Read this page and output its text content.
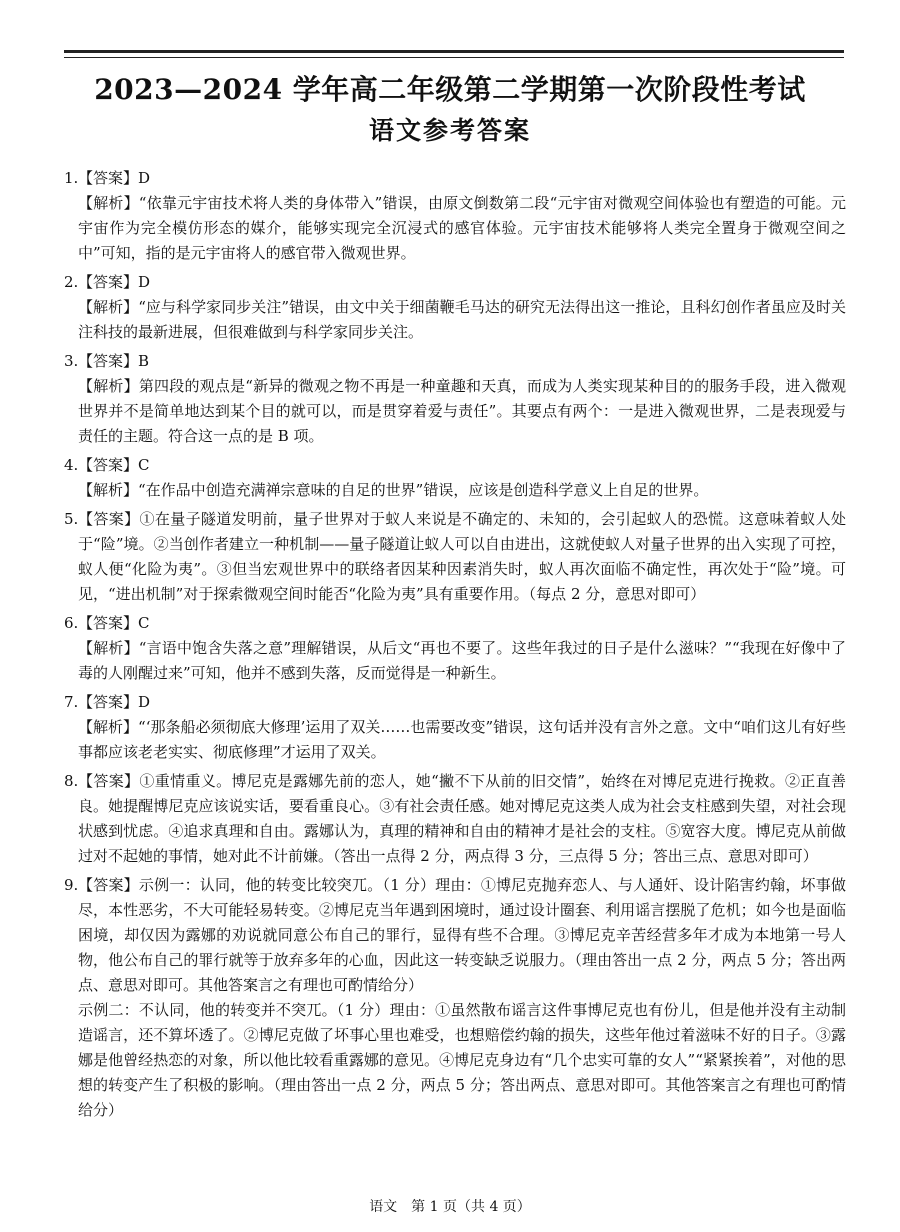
2023—2024 学年高二年级第二学期第一次阶段性考试
语文参考答案
1. 【答案】D
【解析】“依靠元宇宙技术将人类的身体带入”错误，由原文倒数第二段“元宇宙对微观空间体验也有塑造的可能。元宇宙作为完全模仿形态的媒介，能够实现完全沉浸式的感官体验。元宇宙技术能够将人类完全置身于微观空间之中”可知，指的是元宇宙将人的感官带入微观世界。
2. 【答案】D
【解析】“应与科学家同步关注”错误，由文中关于细菌鞭毛马达的研究无法得出这一推论，且科幻创作者虽应及时关注科技的最新进展，但很难做到与科学家同步关注。
3. 【答案】B
【解析】第四段的观点是“新异的微观之物不再是一种童趣和天真，而成为人类实现某种目的的服务手段，进入微观世界并不是简单地达到某个目的就可以，而是贯穿着爱与责任”。其要点有两个：一是进入微观世界，二是表现爱与责任的主题。符合这一点的是 B 项。
4. 【答案】C
【解析】“在作品中创造充满禅宗意味的自足的世界”错误，应该是创造科学意义上自足的世界。
5. 【答案】①在量子隧道发明前，量子世界对于蚁人来说是不确定的、未知的，会引起蚁人的恐慌。这意味着蚁人处于“险”境。②当创作者建立一种机制——量子隧道让蚁人可以自由进出，这就使蚁人对量子世界的出入实现了可控，蚁人便“化险为夷”。③但当宏观世界中的联络者因某种因素消失时，蚁人再次面临不确定性，再次处于“险”境。可见，“进出机制”对于探索微观空间时能否“化险为夷”具有重要作用。（每点 2 分，意思对即可）
6. 【答案】C
【解析】“言语中饱含失落之意”理解错误，从后文“再也不要了。这些年我过的日子是什么滋味？”“我现在好像中了毒的人刚醒过来”可知，他并不感到失落，反而觉得是一种新生。
7. 【答案】D
【解析】“‘那条船必须彻底大修理’运用了双关……也需要改变”错误，这句话并没有言外之意。文中“咱们这儿有好些事都应该老老实实、彻底修理”才运用了双关。
8. 【答案】①重情重义。博尼克是露娜先前的恋人，她“撇不下从前的旧交情”，始终在对博尼克进行挽救。②正直善良。她提醒博尼克应该说实话，要看重良心。③有社会责任感。她对博尼克这类人成为社会支柱感到失望，对社会现状感到忧虑。④追求真理和自由。露娜认为，真理的精神和自由的精神才是社会的支柱。⑤宽容大度。博尼克从前做过对不起她的事情，她对此不计前嫌。（答出一点得 2 分，两点得 3 分，三点得 5 分；答出三点、意思对即可）
9. 【答案】示例一：认同，他的转变比较突兀。（1 分）理由：①博尼克抛弃恋人、与人通奸、设计陷害约翰，坏事做尽，本性恶劣，不大可能轻易转变。②博尼克当年遇到困境时，通过设计圈套、利用谣言摆脱了危机；如今也是面临困境，却仅因为露娜的劝说就同意公布自己的罪行，显得有些不合理。③博尼克辛苦经营多年才成为本地第一号人物，他公布自己的罪行就等于放弃多年的心血，因此这一转变缺乏说服力。（理由答出一点 2 分，两点 5 分；答出两点、意思对即可。其他答案言之有理也可酌情给分）
示例二：不认同，他的转变并不突兀。（1 分）理由：①虽然散布谣言这件事博尼克也有份儿，但是他并没有主动制造谣言，还不算坏透了。②博尼克做了坏事心里也难受，也想赔偿约翰的损失，这些年他过着滋味不好的日子。③露娜是他曾经热恋的对象，所以他比较看重露娜的意见。④博尼克身边有“几个忠实可靠的女人”“紧紧挨着”，对他的思想的转变产生了积极的影响。（理由答出一点 2 分，两点 5 分；答出两点、意思对即可。其他答案言之有理也可酌情给分）
语文　第 1 页（共 4 页）
